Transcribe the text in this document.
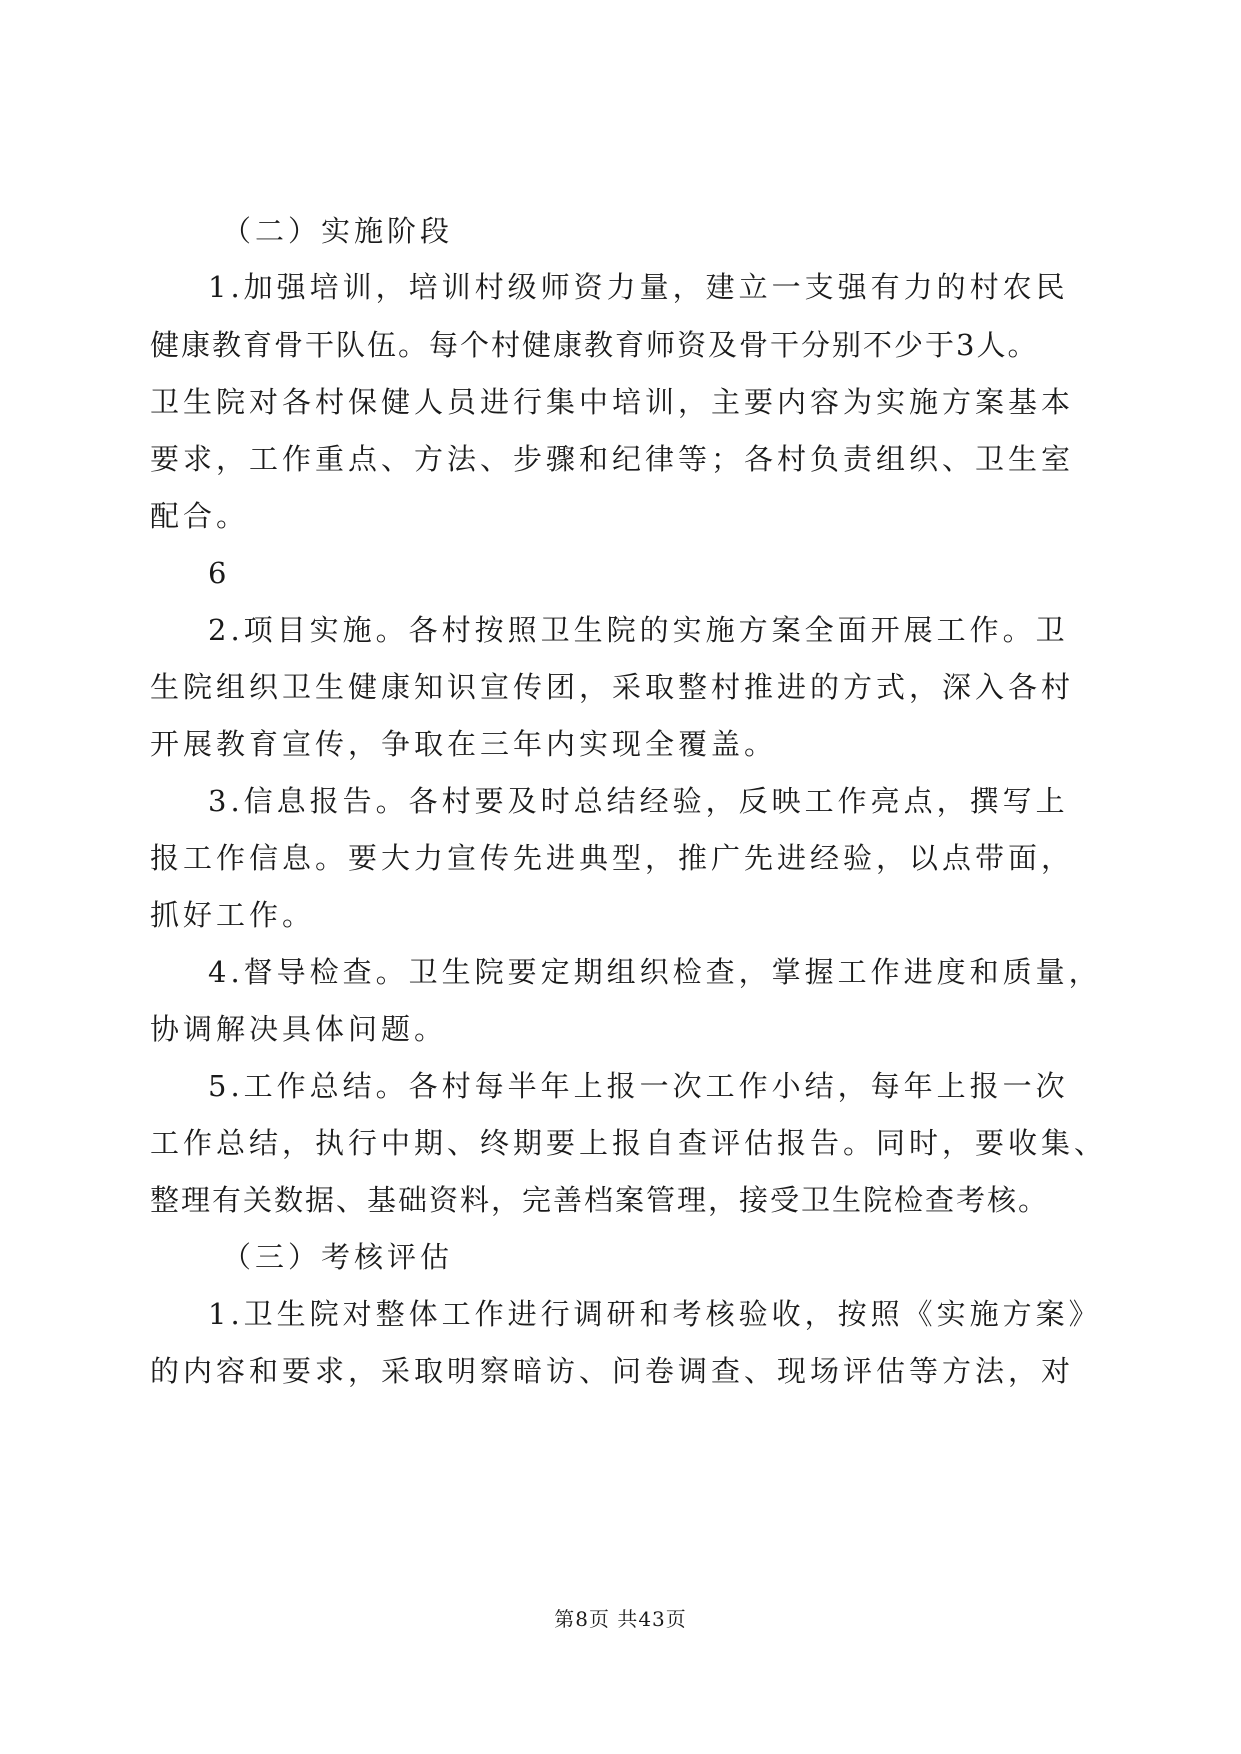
（二）实施阶段

1.加强培训，培训村级师资力量，建立一支强有力的村农民

健康教育骨干队伍。每个村健康教育师资及骨干分别不少于3人。

卫生院对各村保健人员进行集中培训，主要内容为实施方案基本

要求，工作重点、方法、步骤和纪律等；各村负责组织、卫生室

配合。

6

2.项目实施。各村按照卫生院的实施方案全面开展工作。卫

生院组织卫生健康知识宣传团，采取整村推进的方式，深入各村

开展教育宣传，争取在三年内实现全覆盖。

3.信息报告。各村要及时总结经验，反映工作亮点，撰写上

报工作信息。要大力宣传先进典型，推广先进经验，以点带面，

抓好工作。

4.督导检查。卫生院要定期组织检查，掌握工作进度和质量，

协调解决具体问题。

5.工作总结。各村每半年上报一次工作小结，每年上报一次

工作总结，执行中期、终期要上报自查评估报告。同时，要收集、

整理有关数据、基础资料，完善档案管理，接受卫生院检查考核。

（三）考核评估

1.卫生院对整体工作进行调研和考核验收，按照《实施方案》

的内容和要求，采取明察暗访、问卷调查、现场评估等方法，对

第8页 共43页
